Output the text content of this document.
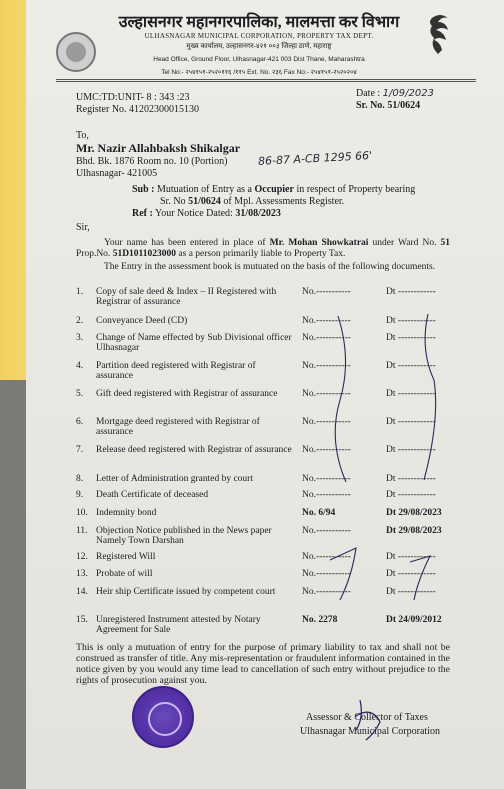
उल्हासनगर महानगरपालिका, मालमत्ता कर विभाग
ULHASNAGAR MUNICIPAL CORPORATION, PROPERTY TAX DEPT.
मुख्य कार्यालय, उल्हासनगर-४२१ ००३ जिल्हा ठाणे, महाराष्ट्र
Head Office, Ground Floor, Ulhasnagar-421 003 Dist Thane, Maharashtra
Tel No:- २५४१५१-२५२०११६ /११५ Ext. No. २३६ Fax No:- २५४१५१-२५२०२०४
UMC:TD:UNIT- 8 : 343 :23	Date : 1/09/2023
Register No. 41202300015130	Sr. No. 51/0624
To,
Mr. Nazir Allahbaksh Shikalgar
Bhd. Bk. 1876 Room no. 10 (Portion)
Ulhasnagar- 421005
86-87 A-CB 1295 66'
Sub : Mutuation of Entry as a Occupier in respect of Property bearing
Sr. No 51/0624 of Mpl. Assessments Register.
Ref : Your Notice Dated: 31/08/2023
Sir,
Your name has been entered in place of Mr. Mohan Showkatrai under Ward No. 51 Prop.No. 51D1011023000 as a person primarily liable to Property Tax.
The Entry in the assessment book is mutuated on the basis of the following documents.
1. Copy of sale deed & Index – II Registered with Registrar of assurance
No.-----------	Dt ------------
2. Conveyance Deed (CD)	No.-----------	Dt ------------
3. Change of Name effected by Sub Divisional officer Ulhasnagar
No.-----------	Dt ------------
4. Partition deed registered with Registrar of assurance
No.-----------	Dt ------------
5. Gift deed registered with Registrar of assurance	No.-----------	Dt ------------
6. Mortgage deed registered with Registrar of assurance
No.-----------	Dt ------------
7. Release deed registered with Registrar of assurance No.-----------	Dt ------------
8. Letter of Administration granted by court	No.-----------	Dt ------------
9. Death Certificate of deceased	No.-----------	Dt ------------
10. Indemnity bond	No. 6/94	Dt 29/08/2023
11. Objection Notice published in the News paper Namely Town Darshan
No.-----------	Dt 29/08/2023
12. Registered Will	No.-----------	Dt ------------
13. Probate of will	No.-----------	Dt ------------
14. Heir ship Certificate issued by competent court	No.-----------	Dt ------------
15. Unregistered Instrument attested by Notary Agreement for Sale
No. 2278	Dt 24/09/2012
This is only a mutuation of entry for the purpose of primary liability to tax and shall not be construed as transfer of title. Any mis-representation or fraudulent information contained in the notice given by you would any time lead to cancellation of such entry without prejudice to the rights of prosecution against you.
Assessor & Collector of Taxes
Ulhasnagar Municipal Corporation
